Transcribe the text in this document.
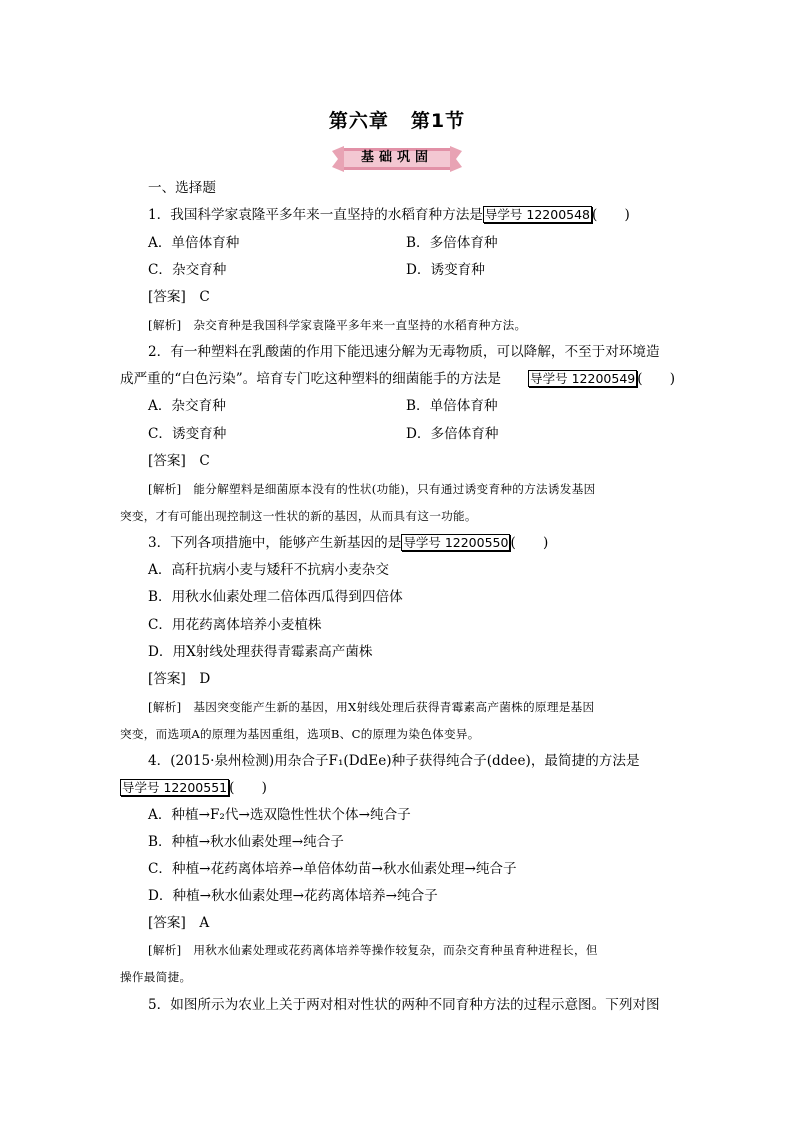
第六章 第1节
基础巩固
一、选择题
1．我国科学家袁隆平多年来一直坚持的水稻育种方法是 导学号 12200548 (　　)
A．单倍体育种	B．多倍体育种
C．杂交育种	D．诱变育种
[答案]　 C
[解析]　 杂交育种是我国科学家袁隆平多年来一直坚持的水稻育种方法。
2．有一种塑料在乳酸菌的作用下能迅速分解为无毒物质，可以降解，不至于对环境造
成严重的“白色污染”。培育专门吃这种塑料的细菌能手的方法是   导学号 12200549 (　　)
A．杂交育种	B．单倍体育种
C．诱变育种	D．多倍体育种
[答案]　 C
[解析]　 能分解塑料是细菌原本没有的性状(功能)，只有通过诱变育种的方法诱发基因
突变，才有可能出现控制这一性状的新的基因，从而具有这一功能。
3．下列各项措施中，能够产生新基因的是 导学号 12200550 (　　)
A．高秆抗病小麦与矮秆不抗病小麦杂交
B．用秋水仙素处理二倍体西瓜得到四倍体
C．用花药离体培养小麦植株
D．用X射线处理获得青霉素高产菌株
[答案]　 D
[解析]　 基因突变能产生新的基因，用X射线处理后获得青霉素高产菌株的原理是基因
突变，而选项A的原理为基因重组，选项B、C的原理为染色体变异。
4．(2015·泉州检测)用杂合子F₁(DdEe)种子获得纯合子(ddee)，最简捷的方法是
导学号 12200551 (　　)
A．种植→F₂代→选双隐性性状个体→纯合子
B．种植→秋水仙素处理→纯合子
C．种植→花药离体培养→单倍体幼苗→秋水仙素处理→纯合子
D．种植→秋水仙素处理→花药离体培养→纯合子
[答案]　 A
[解析]　 用秋水仙素处理或花药离体培养等操作较复杂，而杂交育种虽育种进程长，但
操作最简捷。
5．如图所示为农业上关于两对相对性状的两种不同育种方法的过程示意图。下列对图
